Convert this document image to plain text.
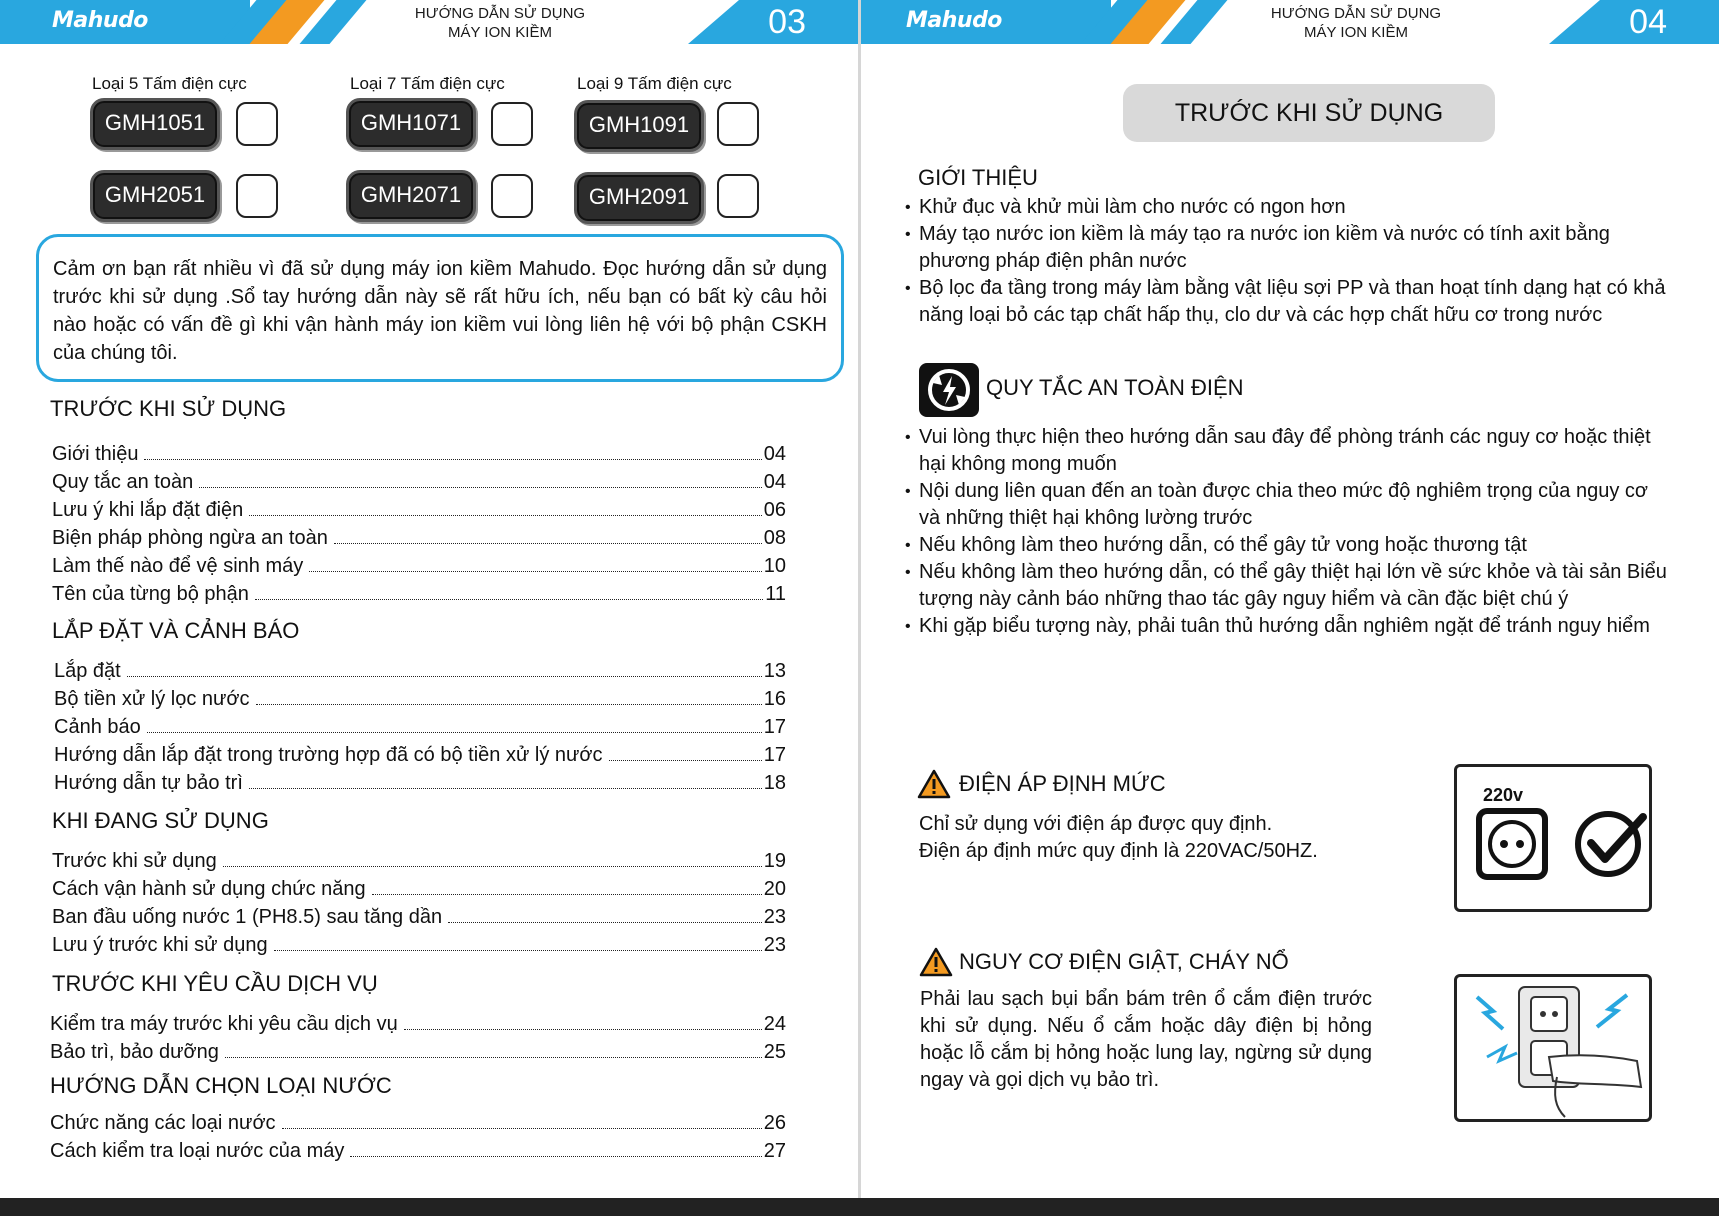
Mahudo	HƯỚNG DẪN SỬ DỤNG
MÁY ION KIỀM	03
Loại 5 Tấm điện cực	Loại 7 Tấm điện cực	Loại 9 Tấm điện cực
GMH1051	GMH1071	GMH1091
GMH2051	GMH2071	GMH2091
Cảm ơn bạn rất nhiều vì đã sử dụng máy ion kiềm Mahudo. Đọc hướng dẫn sử dụng trước khi sử dụng .Sổ tay hướng dẫn này sẽ rất hữu ích, nếu bạn có bất kỳ câu hỏi nào hoặc có vấn đề gì khi vận hành máy ion kiềm vui lòng liên hệ với bộ phận CSKH của chúng tôi.
TRƯỚC KHI SỬ DỤNG
Giới thiệu	04
Quy tắc an toàn	04
Lưu ý khi lắp đặt điện	06
Biện pháp phòng ngừa an toàn	08
Làm thế nào để vệ sinh máy	10
Tên của từng bộ phận	11
LẮP ĐẶT VÀ CẢNH BÁO
Lắp đặt	13
Bộ tiền xử lý lọc nước	16
Cảnh báo	17
Hướng dẫn lắp đặt trong trường hợp đã có bộ tiền xử lý nước	17
Hướng dẫn tự bảo trì	18
KHI ĐANG SỬ DỤNG
Trước khi sử dụng	19
Cách vận hành sử dụng chức năng	20
Ban đầu uống nước 1 (PH8.5) sau tăng dần	23
Lưu ý trước khi sử dụng	23
TRƯỚC KHI YÊU CẦU DỊCH VỤ
Kiểm tra máy trước khi yêu cầu dịch vụ	24
Bảo trì, bảo dưỡng	25
HƯỚNG DẪN CHỌN LOẠI NƯỚC
Chức năng các loại nước	26
Cách kiểm tra loại nước của máy	27
Mahudo	HƯỚNG DẪN SỬ DỤNG
MÁY ION KIỀM	04
TRƯỚC KHI SỬ DỤNG
GIỚI THIỆU
• Khử đục và khử mùi làm cho nước có ngon hơn
• Máy tạo nước ion kiềm là máy tạo ra nước ion kiềm và nước có tính axit bằng phương pháp điện phân nước
• Bộ lọc đa tầng trong máy làm bằng vật liệu sợi PP và than hoạt tính dạng hạt có khả năng loại bỏ các tạp chất hấp thụ, clo dư và các hợp chất hữu cơ trong nước
QUY TẮC AN TOÀN ĐIỆN
• Vui lòng thực hiện theo hướng dẫn sau đây để phòng tránh các nguy cơ hoặc thiệt hại không mong muốn
• Nội dung liên quan đến an toàn được chia theo mức độ nghiêm trọng của nguy cơ và những thiệt hại không lường trước
• Nếu không làm theo hướng dẫn, có thể gây tử vong hoặc thương tật
• Nếu không làm theo hướng dẫn, có thể gây thiệt hại lớn về sức khỏe và tài sản Biểu tượng này cảnh báo những thao tác gây nguy hiểm và cần đặc biệt chú ý
• Khi gặp biểu tượng này, phải tuân thủ hướng dẫn nghiêm ngặt để tránh nguy hiểm
ĐIỆN ÁP ĐỊNH MỨC
Chỉ sử dụng với điện áp được quy định.
Điện áp định mức quy định là 220VAC/50HZ.
220v
NGUY CƠ ĐIỆN GIẬT, CHÁY NỔ
Phải lau sạch bụi bẩn bám trên ổ cắm điện trước khi sử dụng. Nếu ổ cắm hoặc dây điện bị hỏng hoặc lỗ cắm bị hỏng hoặc lung lay, ngừng sử dụng ngay và gọi dịch vụ bảo trì.
